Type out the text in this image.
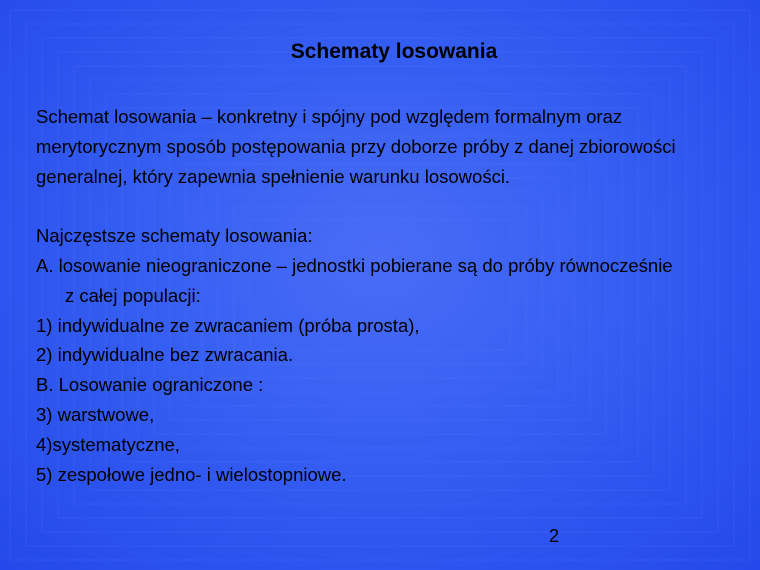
Schematy losowania
Schemat losowania – konkretny i spójny pod względem formalnym oraz
merytorycznym sposób postępowania przy doborze próby z danej zbiorowości
generalnej, który zapewnia spełnienie warunku losowości.
Najczęstsze schematy losowania:
A. losowanie nieograniczone – jednostki pobierane są do próby równocześnie
z całej populacji:
1) indywidualne ze zwracaniem (próba prosta),
2) indywidualne bez zwracania.
B. Losowanie ograniczone :
3) warstwowe,
4)systematyczne,
5) zespołowe jedno- i wielostopniowe.
2
